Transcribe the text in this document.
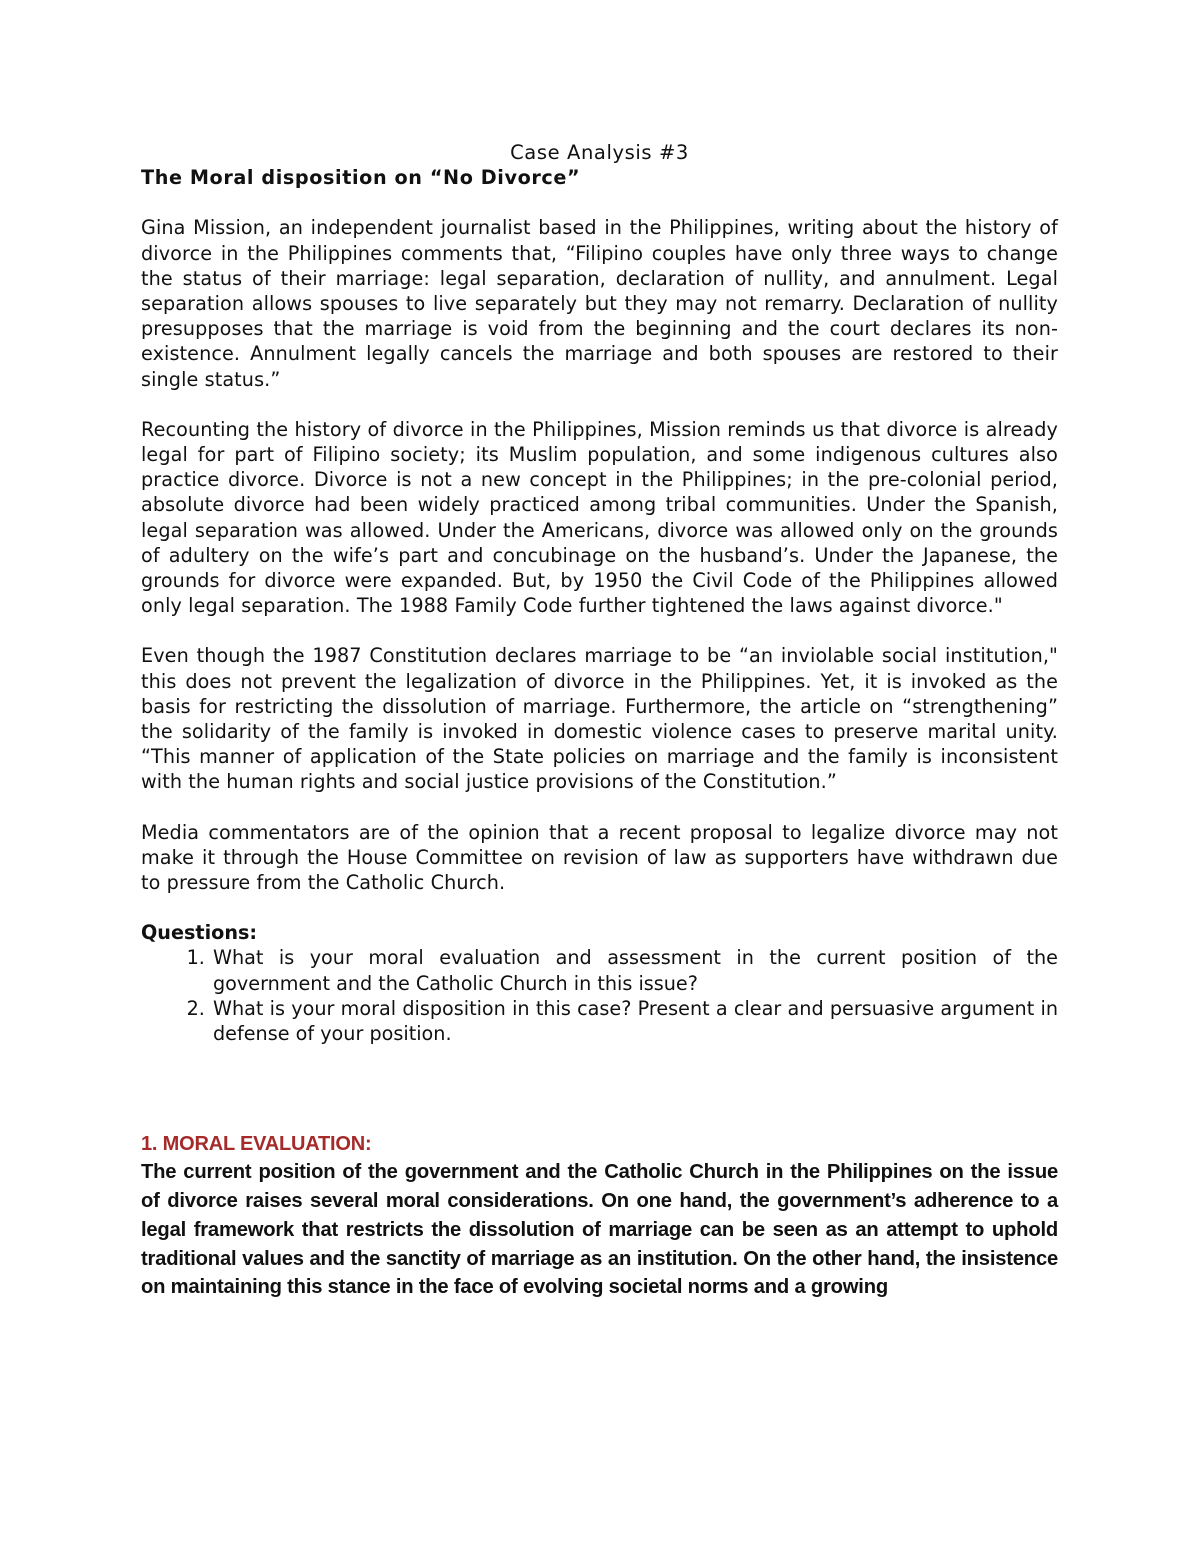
Case Analysis #3
The Moral disposition on “No Divorce”

Gina Mission, an independent journalist based in the Philippines, writing about the history of divorce in the Philippines comments that, “Filipino couples have only three ways to change the status of their marriage: legal separation, declaration of nullity, and annulment. Legal separation allows spouses to live separately but they may not remarry. Declaration of nullity presupposes that the marriage is void from the beginning and the court declares its non-existence. Annulment legally cancels the marriage and both spouses are restored to their single status.”

Recounting the history of divorce in the Philippines, Mission reminds us that divorce is already legal for part of Filipino society; its Muslim population, and some indigenous cultures also practice divorce. Divorce is not a new concept in the Philippines; in the pre-colonial period, absolute divorce had been widely practiced among tribal communities. Under the Spanish, legal separation was allowed. Under the Americans, divorce was allowed only on the grounds of adultery on the wife’s part and concubinage on the husband’s. Under the Japanese, the grounds for divorce were expanded. But, by 1950 the Civil Code of the Philippines allowed only legal separation. The 1988 Family Code further tightened the laws against divorce."

Even though the 1987 Constitution declares marriage to be “an inviolable social institution," this does not prevent the legalization of divorce in the Philippines. Yet, it is invoked as the basis for restricting the dissolution of marriage. Furthermore, the article on “strengthening” the solidarity of the family is invoked in domestic violence cases to preserve marital unity. “This manner of application of the State policies on marriage and the family is inconsistent with the human rights and social justice provisions of the Constitution.”

Media commentators are of the opinion that a recent proposal to legalize divorce may not make it through the House Committee on revision of law as supporters have withdrawn due to pressure from the Catholic Church.

Questions:
1. What is your moral evaluation and assessment in the current position of the government and the Catholic Church in this issue?
2. What is your moral disposition in this case? Present a clear and persuasive argument in defense of your position.
1. MORAL EVALUATION:

The current position of the government and the Catholic Church in the Philippines on the issue of divorce raises several moral considerations. On one hand, the government’s adherence to a legal framework that restricts the dissolution of marriage can be seen as an attempt to uphold traditional values and the sanctity of marriage as an institution. On the other hand, the insistence on maintaining this stance in the face of evolving societal norms and a growing
